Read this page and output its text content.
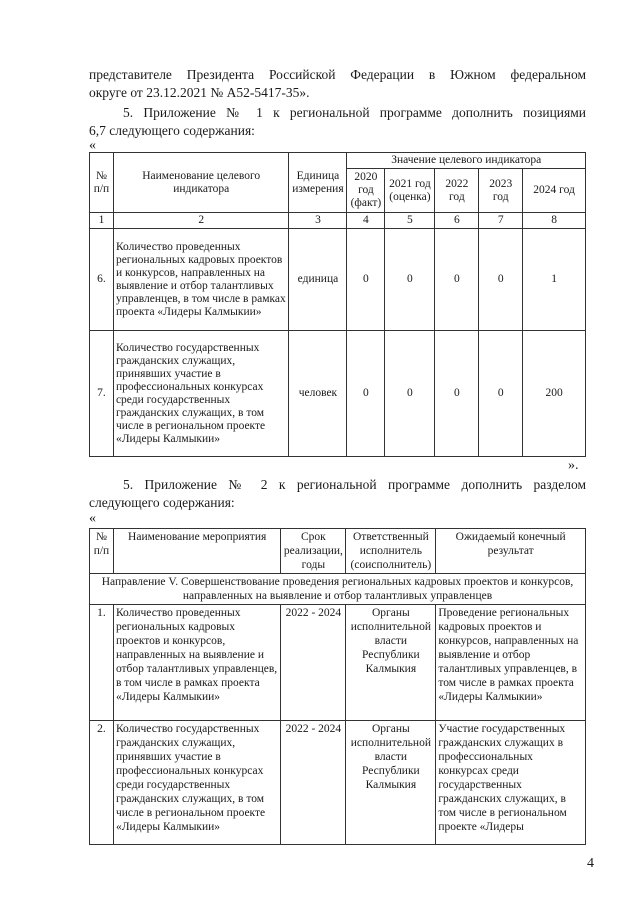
представителе Президента Российской Федерации в Южном федеральном
округе от 23.12.2021 № А52-5417-35».
5. Приложение № 1 к региональной программе дополнить позициями
6,7 следующего содержания:
«
№ п/п	Наименование целевого индикатора	Единица измерения	Значение целевого индикатора				
			2020 год (факт)	2021 год (оценка)	2022 год	2023 год	2024 год
1	2	3	4	5	6	7	8
6.	Количество проведенных региональных кадровых проектов и конкурсов, направленных на выявление и отбор талантливых управленцев, в том числе в рамках проекта «Лидеры Калмыкии»	единица	0	0	0	0	1
7.	Количество государственных гражданских служащих, принявших участие в профессиональных конкурсах среди государственных гражданских служащих, в том числе в региональном проекте «Лидеры Калмыкии»	человек	0	0	0	0	200
».
5. Приложение № 2 к региональной программе дополнить разделом
следующего содержания:
«
№ п/п	Наименование мероприятия	Срок реализации, годы	Ответственный исполнитель (соисполнитель)	Ожидаемый конечный результат
Направление V. Совершенствование проведения региональных кадровых проектов и конкурсов, направленных на выявление и отбор талантливых управленцев				
1.	Количество проведенных региональных кадровых проектов и конкурсов, направленных на выявление и отбор талантливых управленцев, в том числе в рамках проекта «Лидеры Калмыкии»	2022 - 2024	Органы исполнительной власти Республики Калмыкия	Проведение региональных кадровых проектов и конкурсов, направленных на выявление и отбор талантливых управленцев, в том числе в рамках проекта «Лидеры Калмыкии»
2.	Количество государственных гражданских служащих, принявших участие в профессиональных конкурсах среди государственных гражданских служащих, в том числе в региональном проекте «Лидеры Калмыкии»	2022 - 2024	Органы исполнительной власти Республики Калмыкия	Участие государственных гражданских служащих в профессиональных конкурсах среди государственных гражданских служащих, в том числе в региональном проекте «Лидеры
4
